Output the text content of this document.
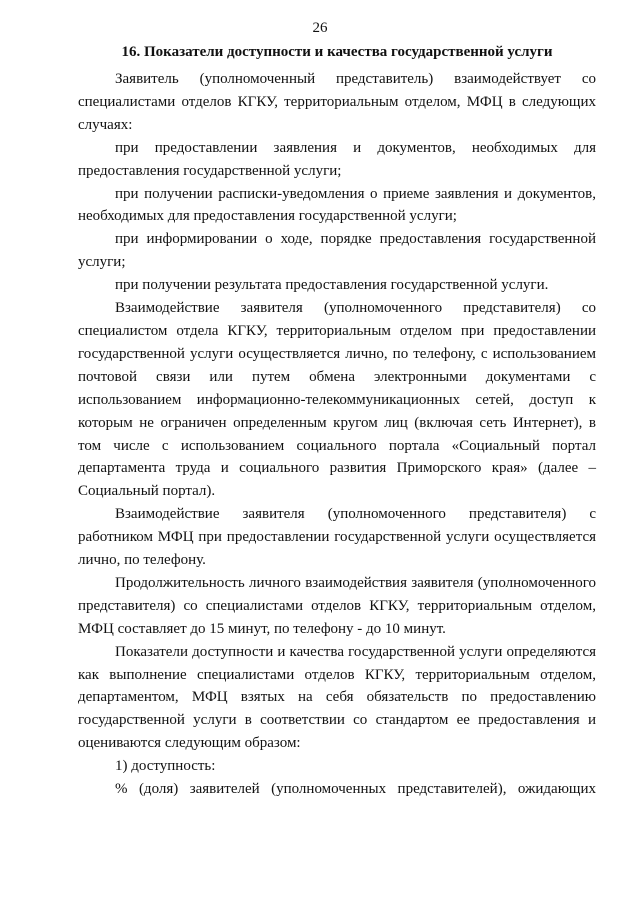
26
16. Показатели доступности и качества государственной услуги

Заявитель (уполномоченный представитель) взаимодействует со специалистами отделов КГКУ, территориальным отделом, МФЦ в следующих случаях:

при предоставлении заявления и документов, необходимых для предоставления государственной услуги;

при получении расписки-уведомления о приеме заявления и документов, необходимых для предоставления государственной услуги;

при информировании о ходе, порядке предоставления государственной услуги;

при получении результата предоставления государственной услуги.

Взаимодействие заявителя (уполномоченного представителя) со специалистом отдела КГКУ, территориальным отделом при предоставлении государственной услуги осуществляется лично, по телефону, с использованием почтовой связи или путем обмена электронными документами с использованием информационно-телекоммуникационных сетей, доступ к которым не ограничен определенным кругом лиц (включая сеть Интернет), в том числе с использованием социального портала «Социальный портал департамента труда и социального развития Приморского края» (далее – Социальный портал).

Взаимодействие заявителя (уполномоченного представителя) с работником МФЦ при предоставлении государственной услуги осуществляется лично, по телефону.

Продолжительность личного взаимодействия заявителя (уполномоченного представителя) со специалистами отделов КГКУ, территориальным отделом, МФЦ составляет до 15 минут, по телефону - до 10 минут.

Показатели доступности и качества государственной услуги определяются как выполнение специалистами отделов КГКУ, территориальным отделом, департаментом, МФЦ взятых на себя обязательств по предоставлению государственной услуги в соответствии со стандартом ее предоставления и оцениваются следующим образом:

1) доступность:

% (доля) заявителей (уполномоченных представителей), ожидающих
